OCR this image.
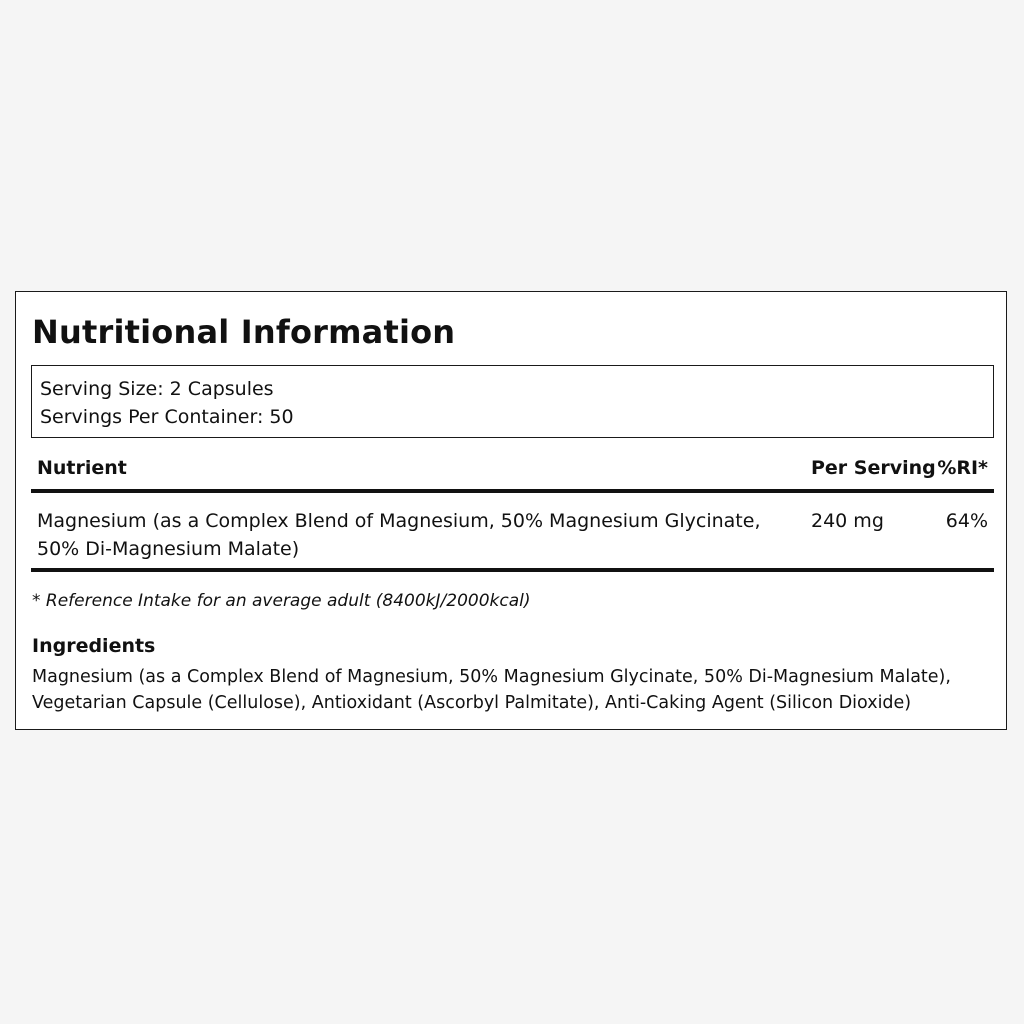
Nutritional Information
Serving Size: 2 Capsules
Servings Per Container: 50
Nutrient	Per Serving %RI*
Magnesium (as a Complex Blend of Magnesium, 50% Magnesium Glycinate, 50% Di-Magnesium Malate)
240 mg	64%
* Reference Intake for an average adult (8400kJ/2000kcal)
Ingredients
Magnesium (as a Complex Blend of Magnesium, 50% Magnesium Glycinate, 50% Di-Magnesium Malate), Vegetarian Capsule (Cellulose), Antioxidant (Ascorbyl Palmitate), Anti-Caking Agent (Silicon Dioxide)
